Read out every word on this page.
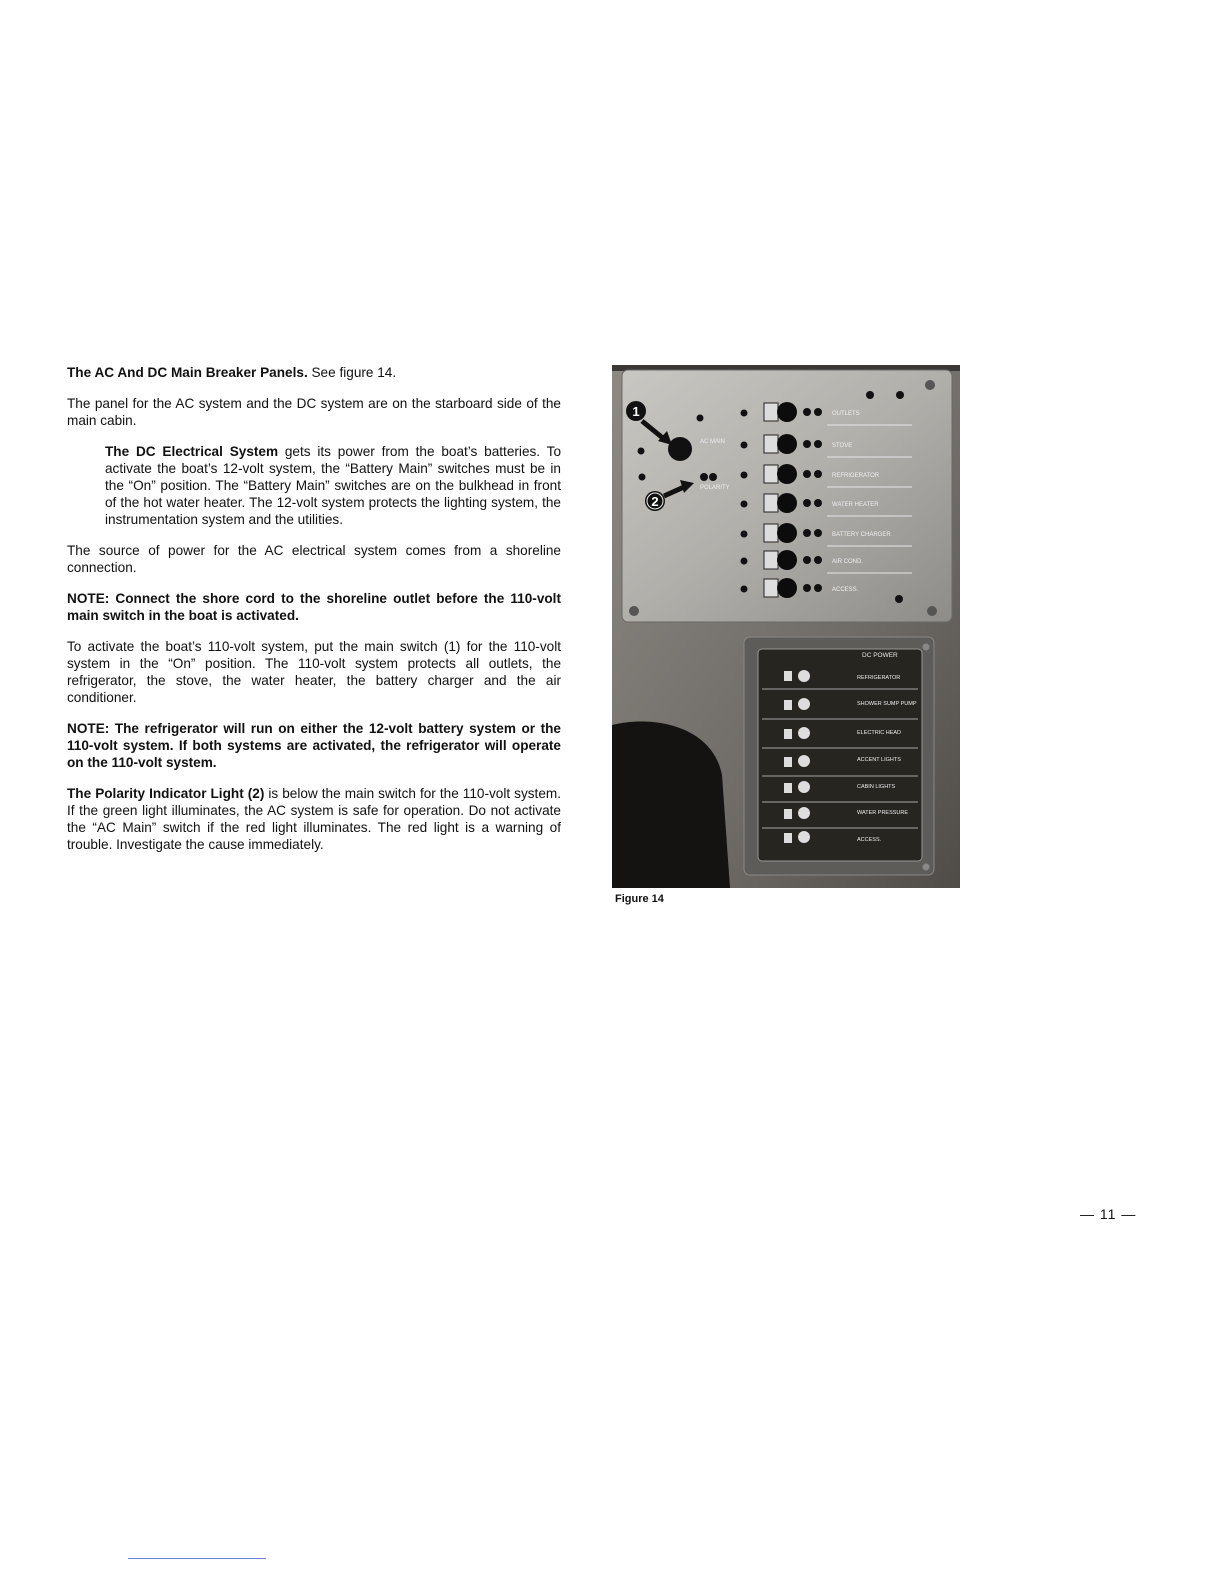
The AC And DC Main Breaker Panels. See figure 14.

The panel for the AC system and the DC system are on the starboard side of the main cabin.

The DC Electrical System gets its power from the boat’s batteries. To activate the boat’s 12-volt system, the “Battery Main” switches must be in the “On” position. The “Battery Main” switches are on the bulkhead in front of the hot water heater. The 12-volt system protects the lighting system, the instrumentation system and the utilities.

The source of power for the AC electrical system comes from a shoreline connection.

NOTE: Connect the shore cord to the shoreline outlet before the 110-volt main switch in the boat is activated.

To activate the boat’s 110-volt system, put the main switch (1) for the 110-volt system in the “On” position. The 110-volt system protects all outlets, the refrigerator, the stove, the water heater, the battery charger and the air conditioner.

NOTE: The refrigerator will run on either the 12-volt battery system or the 110-volt system. If both systems are activated, the refrigerator will operate on the 110-volt system.

The Polarity Indicator Light (2) is below the main switch for the 110-volt system. If the green light illuminates, the AC system is safe for operation. Do not activate the “AC Main” switch if the red light illuminates. The red light is a warning of trouble. Investigate the cause immediately.

AC MAIN
POLARITY
1
2
OUTLETS
STOVE
REFRIGERATOR
WATER HEATER
BATTERY CHARGER
AIR COND.
ACCESS.
DC POWER
REFRIGERATOR
SHOWER SUMP PUMP
ELECTRIC HEAD
ACCENT LIGHTS
CABIN LIGHTS
WATER PRESSURE
ACCESS.
Figure 14
— 11 —
